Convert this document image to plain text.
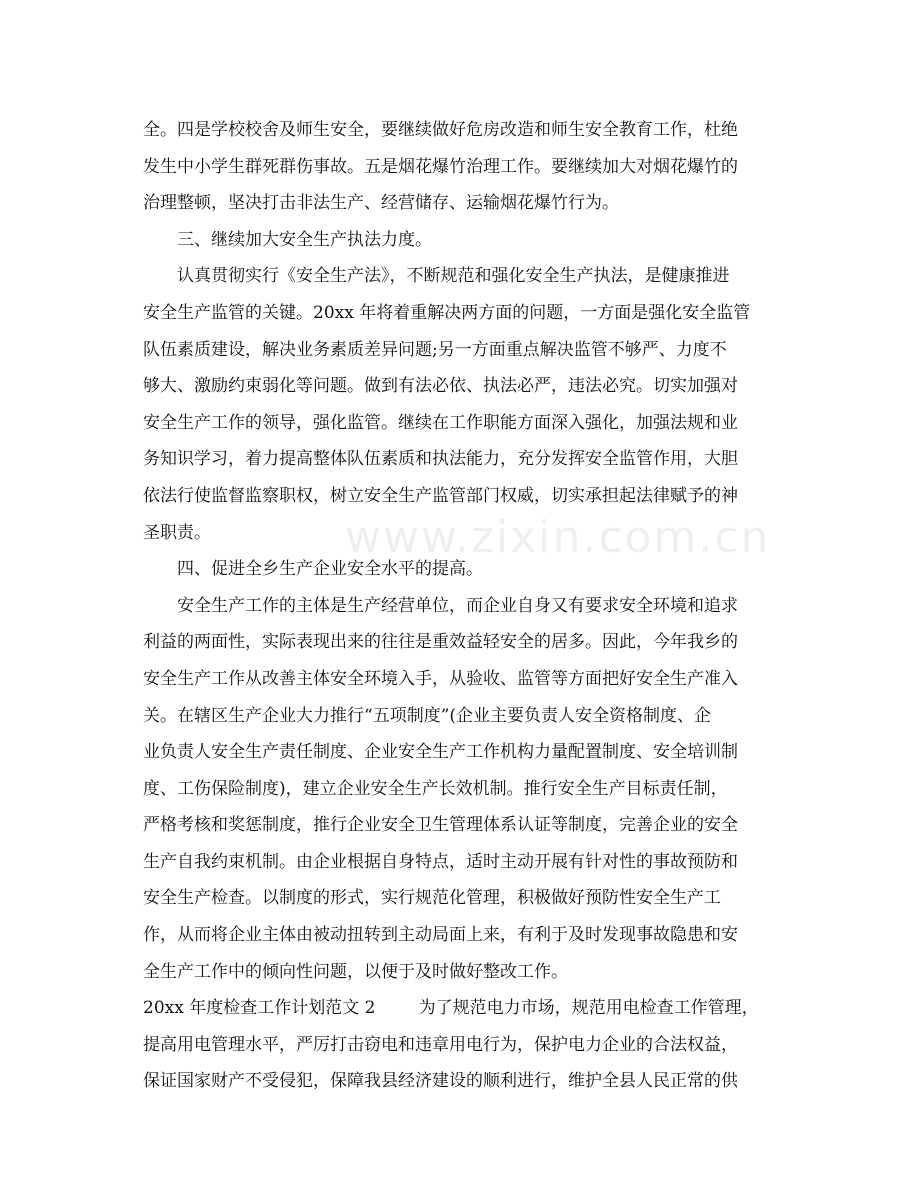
全。四是学校校舍及师生安全，要继续做好危房改造和师生安全教育工作，杜绝
发生中小学生群死群伤事故。五是烟花爆竹治理工作。要继续加大对烟花爆竹的
治理整顿，坚决打击非法生产、经营储存、运输烟花爆竹行为。
三、继续加大安全生产执法力度。
认真贯彻实行《安全生产法》，不断规范和强化安全生产执法，是健康推进
安全生产监管的关键。20xx 年将着重解决两方面的问题，一方面是强化安全监管
队伍素质建设，解决业务素质差异问题;另一方面重点解决监管不够严、力度不
够大、激励约束弱化等问题。做到有法必依、执法必严，违法必究。切实加强对
安全生产工作的领导，强化监管。继续在工作职能方面深入强化，加强法规和业
务知识学习，着力提高整体队伍素质和执法能力，充分发挥安全监管作用，大胆
依法行使监督监察职权，树立安全生产监管部门权威，切实承担起法律赋予的神
圣职责。
四、促进全乡生产企业安全水平的提高。
安全生产工作的主体是生产经营单位，而企业自身又有要求安全环境和追求
利益的两面性，实际表现出来的往往是重效益轻安全的居多。因此，今年我乡的
安全生产工作从改善主体安全环境入手，从验收、监管等方面把好安全生产准入
关。在辖区生产企业大力推行“五项制度”(企业主要负责人安全资格制度、企
业负责人安全生产责任制度、企业安全生产工作机构力量配置制度、安全培训制
度、工伤保险制度)，建立企业安全生产长效机制。推行安全生产目标责任制，
严格考核和奖惩制度，推行企业安全卫生管理体系认证等制度，完善企业的安全
生产自我约束机制。由企业根据自身特点，适时主动开展有针对性的事故预防和
安全生产检查。以制度的形式，实行规范化管理，积极做好预防性安全生产工
作，从而将企业主体由被动扭转到主动局面上来，有利于及时发现事故隐患和安
全生产工作中的倾向性问题，以便于及时做好整改工作。
20xx 年度检查工作计划范文 2        为了规范电力市场，规范用电检查工作管理，
提高用电管理水平，严厉打击窃电和违章用电行为，保护电力企业的合法权益，
保证国家财产不受侵犯，保障我县经济建设的顺利进行，维护全县人民正常的供
www.zixin.com.cn
